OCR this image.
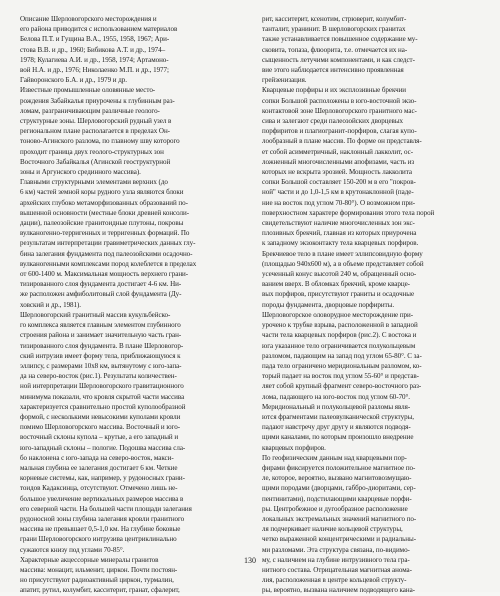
Описание Шерловогорского месторождения и
его района приводится с использованием материалов
Белова П.Т. и Гущина В.А., 1955, 1958, 1967; Ари-
стова В.В. и др., 1960; Бибикова А.Т. и др., 1974–
1978; Кулагиева А.И. и др., 1958, 1974; Артамоно-
вой Н.А. и др., 1976; Николаенко М.П. и др., 1977;
Гайворонского Б.А. и др., 1979 и др.
Известные промышленные оловянные место-
рождения Забайкалья приурочены к глубинным раз-
ломам, разграничивающим различные геолого-
структурные зоны. Шерловогорский рудный узел в
региональном плане располагается в пределах Он-
тоново-Агинского разлома, по главному шву которого
проходит граница двух геолого-структурных зон
Восточного Забайкалья (Агинской геоструктурной
зоны и Аргунского срединного массива).
Главными структурными элементами верхних (до
6 км) частей земной коры рудного узла являются блоки
архейских глубоко метаморфизованных образований по-
вышенной основности (местные блоки древней консоли-
дации), палеозойские гранитоидные плутоны, покровы
вулканогенно-терригенных и терригенных формаций. По
результатам интерпретации гравиметрических данных глу-
бина залегания фундамента под палеозойскими осадочно-
вулканогенными комплексами пород колеблется в пределах
от 600-1400 м. Максимальная мощность верхнего грани-
тизированного слоя фундамента достигает 4-6 км. Ни-
же расположен амфиболитовый слой фундамента (Ду-
ховский и др., 1981).
Шерловогорский гранитный массив кукульбейско-
го комплекса является главным элементом глубинного
строения района и занимает значительную часть гран-
тизированного слоя фундамента. В плане Шерловогор-
ский интрузив имеет форму тела, приближающуюся к
эллипсу, с размерами 10х8 км, вытянутому с юго-запа-
да на северо-восток (рис.1). Результаты количествен-
ной интерпретации Шерловогорского гравитационного
минимума показали, что кровля скрытой части массива
характеризуется сравнительно простой куполообразной
формой, с несколькими невысокими куполами кровли
помимо Шерловогорского массива. Восточный и юго-
восточный склоны купола – крутые, а его западный и
юго-западный склоны – пологие. Подошва массива сла-
бо наклонена с юго-запада на северо-восток, макси-
мальная глубина ее залегания достигает 6 км. Четкие
корневые системы, как, например, у рудоносных грани-
тоидов Кадаксинца, отсутствуют. Отмечено лишь не-
большое увеличение вертикальных размеров массива в
его северной части. На большей части площади залегания
рудоносной зоны глубина залегания кровли гранитного
массива не превышает 0,5-1,0 км. На глубине боковые
грани Шерловогорского интрузива центриклинально
сужаются книзу под углами 70-85°.
Характерные акцессорные минералы гранитов
массива: монацит, ильменит, циркон. Почти постоян-
но присутствуют радиоактивный циркон, турмалин,
апатит, рутил, колумбит, касситерит, гранат, сфалерит,
рит, касситерит, ксенотим, стрюверит, колумбит-
танталит, уранинит. В шерловогорских гранитах
также устанавливается повышенное содержание му-
сковита, топаза, флюорита, т.е. отмечается их на-
сыщенность летучими компонентами, и как следст-
вие этого наблюдается интенсивно проявленная
грейзенизация.
Кварцевые порфиры и их эксплозивные брекчии
сопки Большой расположены в юго-восточной экзо-
контактовой зоне Шерловогорского гранитного мас-
сива и залегают среди палеозойских дворцевых
порфиритов и плагиогранит-порфиров, слагая купо-
лообразный в плане массив. По форме он представля-
ет собой асимметричный, наклонный лакколит, ос-
ложненный многочисленными апофизами, часть из
которых не вскрыта эрозией. Мощность лакколита
сопки Большой составляет 150-200 м в его "покров-
ной" части и до 1,0-1,5 км в крутонаклонной (паде-
ние на восток под углом 70-80°). О возможном при-
поверхностном характере формирования этого тела порой
свидетельствуют наличие многочисленных зон экс-
плозивных брекчий, главная из которых приурочена
к западному экзоконтакту тела кварцевых порфиров.
Брекчиевое тело в плане имеет эллипсовидную форму
(площадью 940х600 м), а в объеме представляет собой
усеченный конус высотой 240 м, обращенный осно-
ванием вверх. В обломках брекчий, кроме кварце-
вых порфиров, присутствуют граниты и осадочные
породы фундамента, дворцовые порфириты.
Шерловогорское оловорудное месторождение при-
урочено к трубке взрыва, расположенной в западной
части тела кварцевых порфиров (рис.2). С востока и
юга указанное тело ограничивается полукольцевым
разломом, падающим на запад под углом 65-80°. С за-
пада тело ограничено меридиональным разломом, ко-
торый падает на восток под углом 55-60° и представ-
ляет собой крупный фрагмент северо-восточного раз-
лома, падающего на юго-восток под углом 60-70°.
Меридиональный и полукольцевой разломы явля-
ются фрагментами палеовулканической структуры,
падают навстречу друг другу и являются подводя-
щими каналами, по которым произошло внедрение
кварцевых порфиров.
По геофизическим данным над кварцевыми пор-
фирами фиксируется положительное магнитное по-
ле, которое, вероятно, вызвано магнитовозмущаю-
щими породами (дворцами, габбро-диоритами, сер-
пентинитами), подстилающими кварцевые порфи-
ры. Центробежное и дугообразное расположение
локальных экстремальных значений магнитного по-
ля подчеркивает наличие кольцевой структуры,
четко выраженной концентрическими и радиальны-
ми разломами. Эта структура связана, по-видимо-
му, с наличием на глубине интрузивного тела гра-
нитного состава. Отрицательная магнитная анома-
лия, расположенная в центре кольцевой структу-
ры, вероятно, вызвана наличием подводящего кана-
130
